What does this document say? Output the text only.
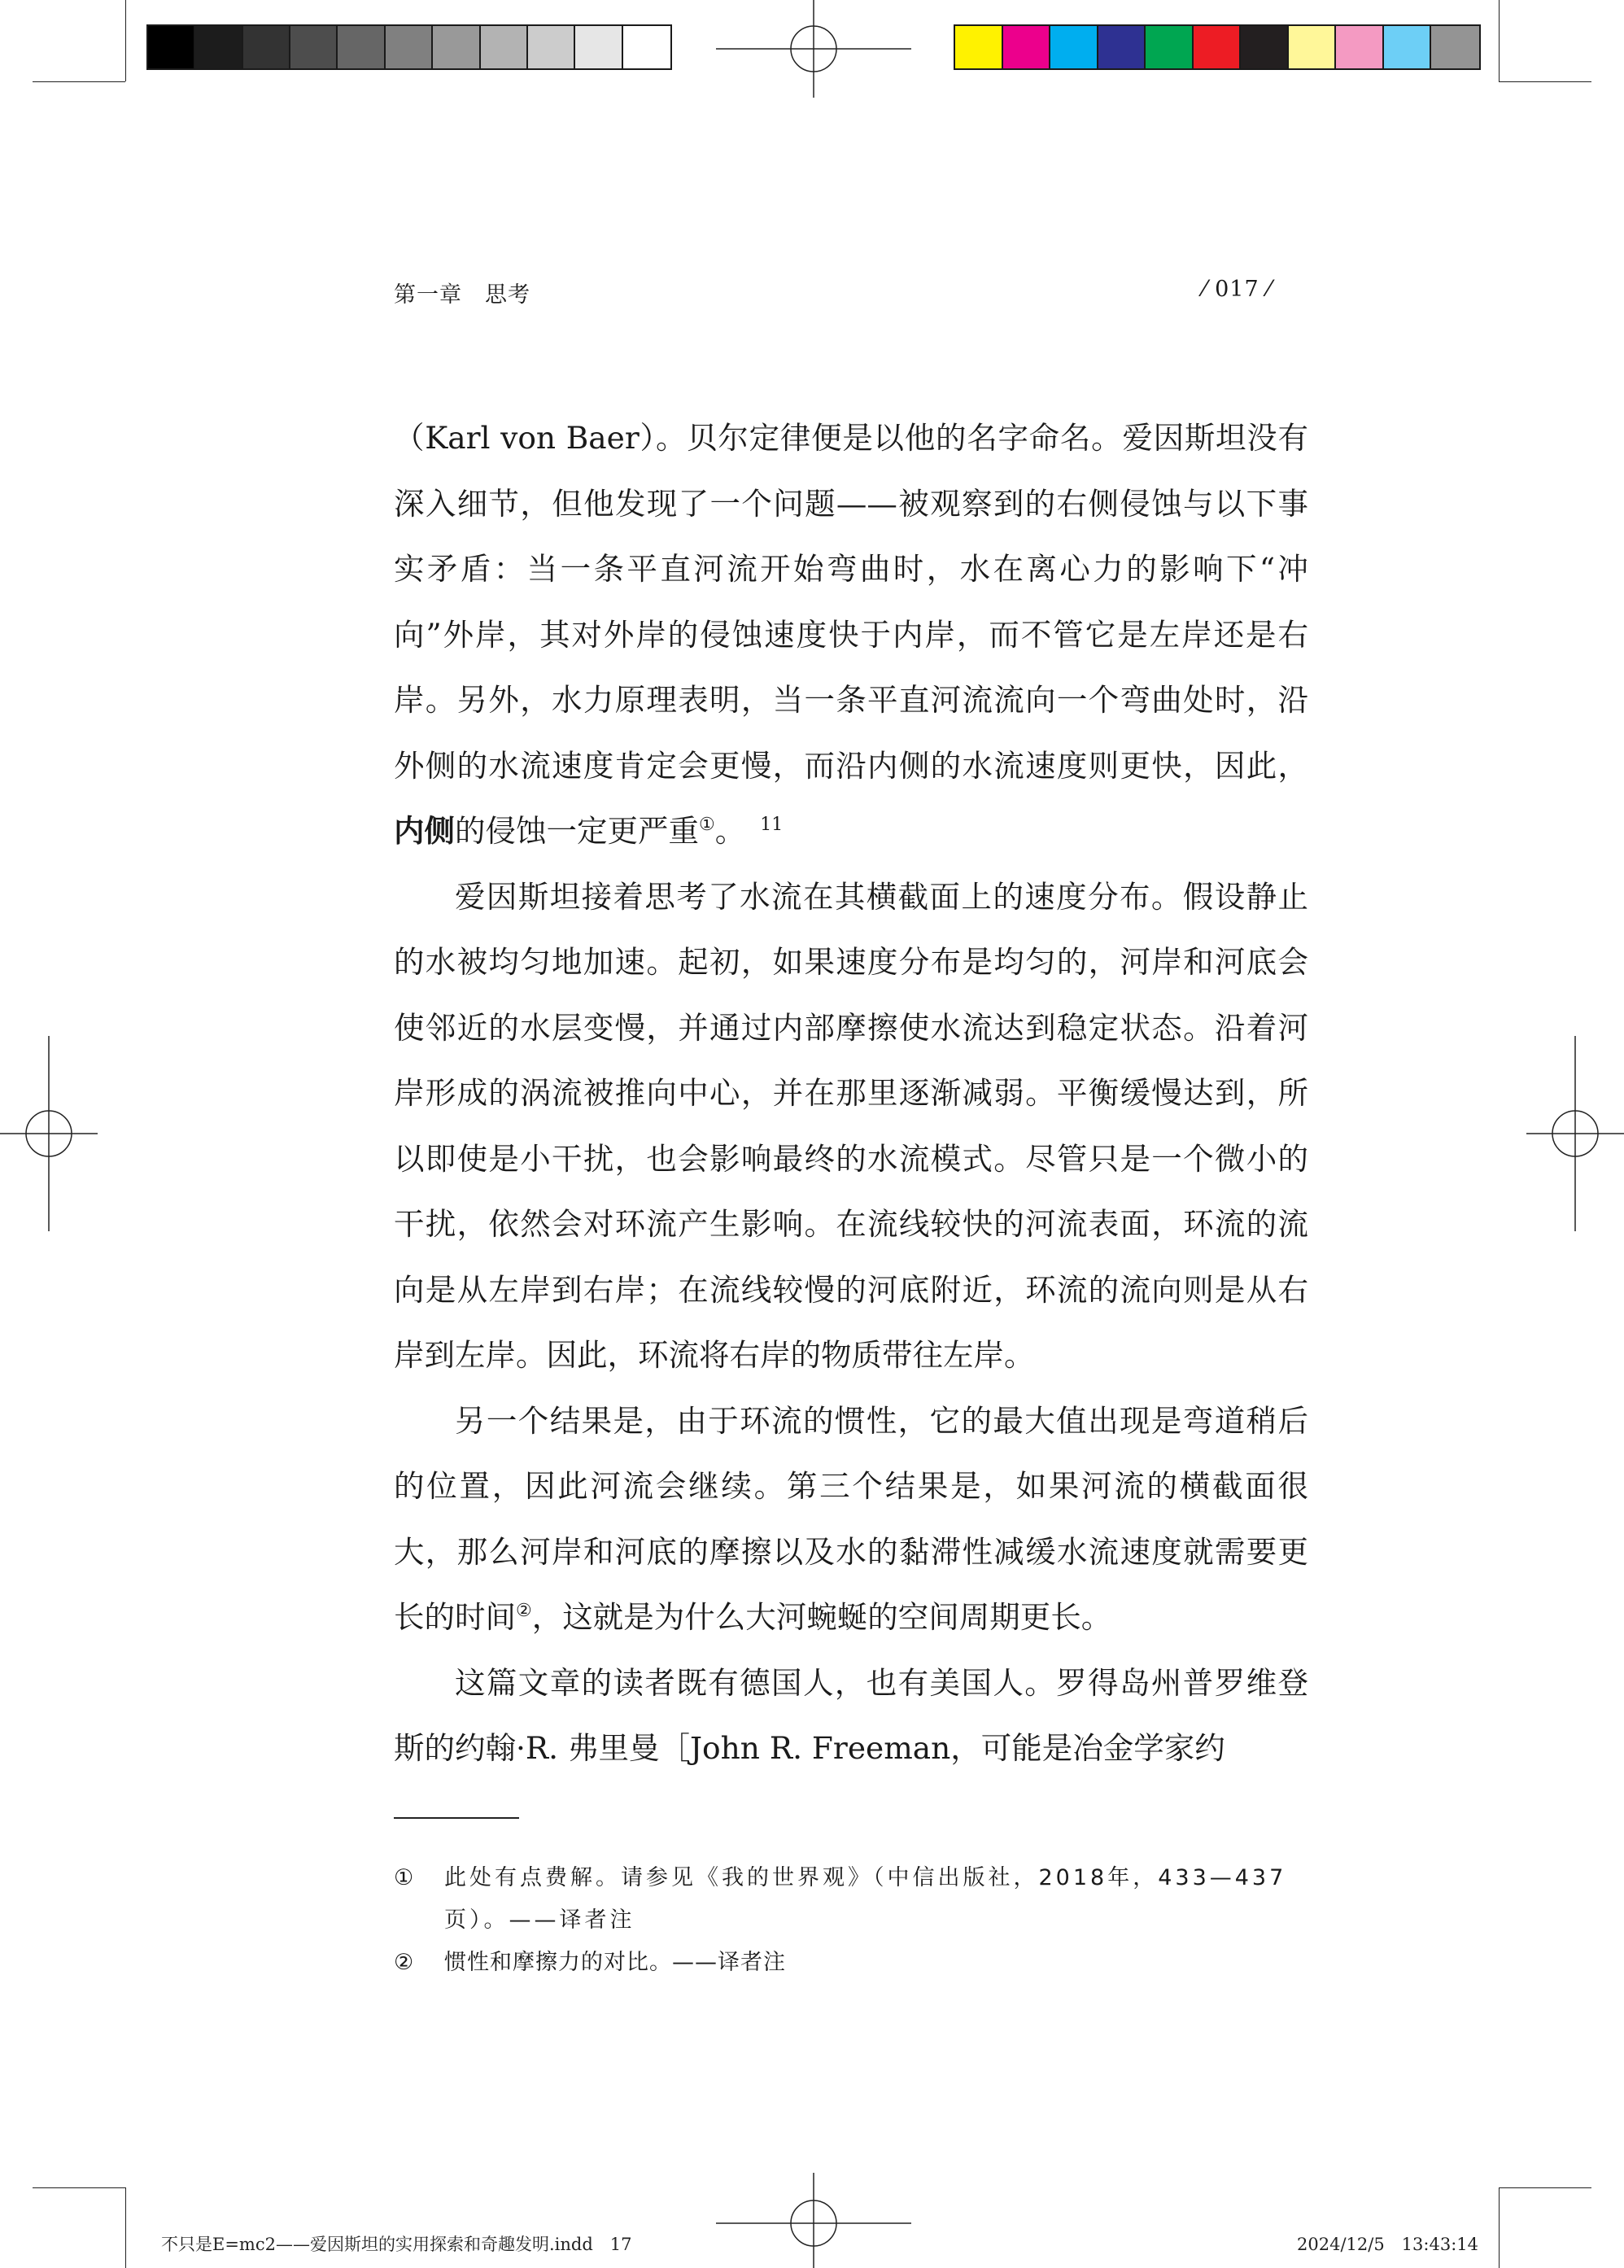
第一章　思考	⁄ 017 ⁄

（Karl von Baer）。贝尔定律便是以他的名字命名。爱因斯坦没有深入细节，但他发现了一个问题——被观察到的右侧侵蚀与以下事实矛盾：当一条平直河流开始弯曲时，水在离心力的影响下“冲向”外岸，其对外岸的侵蚀速度快于内岸，而不管它是左岸还是右岸。另外，水力原理表明，当一条平直河流流向一个弯曲处时，沿外侧的水流速度肯定会更慢，而沿内侧的水流速度则更快，因此，内侧的侵蚀一定更严重①。 $^{11}$

爱因斯坦接着思考了水流在其横截面上的速度分布。假设静止的水被均匀地加速。起初，如果速度分布是均匀的，河岸和河底会使邻近的水层变慢，并通过内部摩擦使水流达到稳定状态。沿着河岸形成的涡流被推向中心，并在那里逐渐减弱。平衡缓慢达到，所以即使是小干扰，也会影响最终的水流模式。尽管只是一个微小的干扰，依然会对环流产生影响。在流线较快的河流表面，环流的流向是从左岸到右岸；在流线较慢的河底附近，环流的流向则是从右岸到左岸。因此，环流将右岸的物质带往左岸。

另一个结果是，由于环流的惯性，它的最大值出现是弯道稍后的位置，因此河流会继续。第三个结果是，如果河流的横截面很大，那么河岸和河底的摩擦以及水的黏滞性减缓水流速度就需要更长的时间②，这就是为什么大河蜿蜒的空间周期更长。

这篇文章的读者既有德国人，也有美国人。罗得岛州普罗维登斯的约翰·R. 弗里曼［John R. Freeman，可能是冶金学家约

①	此处有点费解。请参见《我的世界观》（中信出版社，2018年，433—437页）。——译者注
②	惯性和摩擦力的对比。——译者注
不只是E=mc2——爱因斯坦的实用探索和奇趣发明.indd　17	2024/12/5　13:43:14
